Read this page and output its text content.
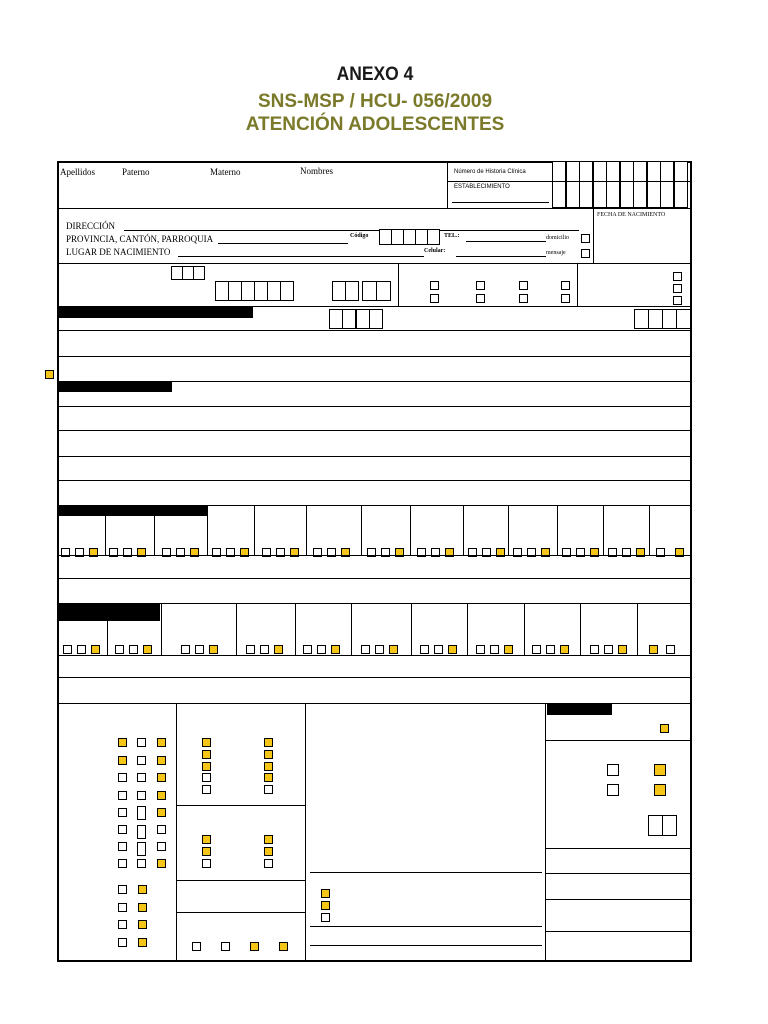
ANEXO 4
SNS-MSP / HCU- 056/2009
ATENCIÓN ADOLESCENTES
Apellidos	Paterno	Materno	Nombres	Número de Historia Clínica
ESTABLECIMIENTO
DIRECCIÓN
PROVINCIA, CANTÓN, PARROQUIA	Código	TEL.:	domicilio
LUGAR DE NACIMIENTO	Celular:	mensaje
FECHA DE NACIMIENTO
